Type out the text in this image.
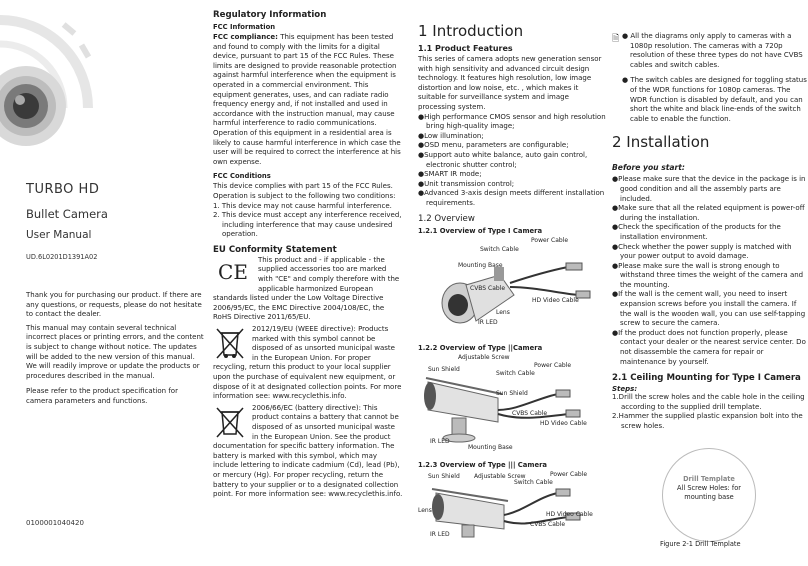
TURBO HD
Bullet Camera
User Manual
UD.6L0201D1391A02

Thank you for purchasing our product. If there are any questions, or requests, please do not hesitate to contact the dealer.

This manual may contain several technical incorrect places or printing errors, and the content is subject to change without notice. The updates will be added to the new version of this manual. We will readily improve or update the products or procedures described in the manual.

Please refer to the product specification for camera parameters and functions.

0100001040420
Regulatory Information
FCC Information

FCC compliance: This equipment has been tested and found to comply with the limits for a digital device, pursuant to part 15 of the FCC Rules. These limits are designed to provide reasonable protection against harmful interference when the equipment is operated in a commercial environment. This equipment generates, uses, and can radiate radio frequency energy and, if not installed and used in accordance with the instruction manual, may cause harmful interference to radio communications. Operation of this equipment in a residential area is likely to cause harmful interference in which case the user will be required to correct the interference at his own expense.

FCC Conditions

This device complies with part 15 of the FCC Rules. Operation is subject to the following two conditions:

1. This device may not cause harmful interference.
2. This device must accept any interference received, including interference that may cause undesired operation.
EU Conformity Statement
CE	This product and - if applicable - the supplied accessories too are marked with "CE" and comply therefore with the applicable harmonized European standards listed under the Low Voltage Directive 2006/95/EC, the EMC Directive 2004/108/EC, the RoHS Directive 2011/65/EU.

2012/19/EU (WEEE directive): Products marked with this symbol cannot be disposed of as unsorted municipal waste in the European Union. For proper recycling, return this product to your local supplier upon the purchase of equivalent new equipment, or dispose of it at designated collection points. For more information see: www.recyclethis.info.

2006/66/EC (battery directive): This product contains a battery that cannot be disposed of as unsorted municipal waste in the European Union. See the product documentation for specific battery information. The battery is marked with this symbol, which may include lettering to indicate cadmium (Cd), lead (Pb), or mercury (Hg). For proper recycling, return the battery to your supplier or to a designated collection point. For more information see: www.recyclethis.info.

1 Introduction
1.1 Product Features

This series of camera adopts new generation sensor with high sensitivity and advanced circuit design technology. It features high resolution, low image distortion and low noise, etc. , which makes it suitable for surveillance system and image processing system.

●High performance CMOS sensor and high resolution bring high-quality image;
●Low illumination;
●OSD menu, parameters are configurable;
●Support auto white balance, auto gain control, electronic shutter control;
●SMART IR mode;
●Unit transmission control;
●Advanced 3-axis design meets different installation requirements.
1.2 Overview
1.2.1 Overview of Type I Camera
Power Cable
Switch Cable
Mounting Base
CVBS Cable
HD Video Cable
Lens
IR LED
1.2.2 Overview of Type ||Camera
Adjustable Screw
Power Cable
Sun Shield
Switch Cable
Sun Shield
CVBS Cable
HD Video Cable
IR LED
Mounting Base
1.2.3 Overview of Type ||| Camera
Sun Shield Adjustable Screw	Power Cable
Switch Cable
Lens
HD Video Cable
CVBS Cable
IR LED
🗎 ● All the diagrams only apply to cameras with a 1080p resolution. The cameras with a 720p resolution of these three types do not have CVBS cables and switch cables.
● The switch cables are designed for toggling status of the WDR functions for 1080p cameras. The WDR function is disabled by default, and you can short the white and black line-ends of the switch cable to enable the function.
2 Installation
Before you start:
●Please make sure that the device in the package is in good condition and all the assembly parts are included.
●Make sure that all the related equipment is power-off during the installation.
●Check the specification of the products for the installation environment.
●Check whether the power supply is matched with your power output to avoid damage.
●Please make sure the wall is strong enough to withstand three times the weight of the camera and the mounting.
●If the wall is the cement wall, you need to insert expansion screws before you install the camera. If the wall is the wooden wall, you can use self-tapping screw to secure the camera.
●If the product does not function properly, please contact your dealer or the nearest service center. Do not disassemble the camera for repair or maintenance by yourself.
2.1 Ceiling Mounting for Type I Camera
Steps:
1.Drill the screw holes and the cable hole in the ceiling according to the supplied drill template.
2.Hammer the supplied plastic expansion bolt into the screw holes.
Drill Template
All Screw Holes: for mounting base
Figure 2-1 Drill Template
